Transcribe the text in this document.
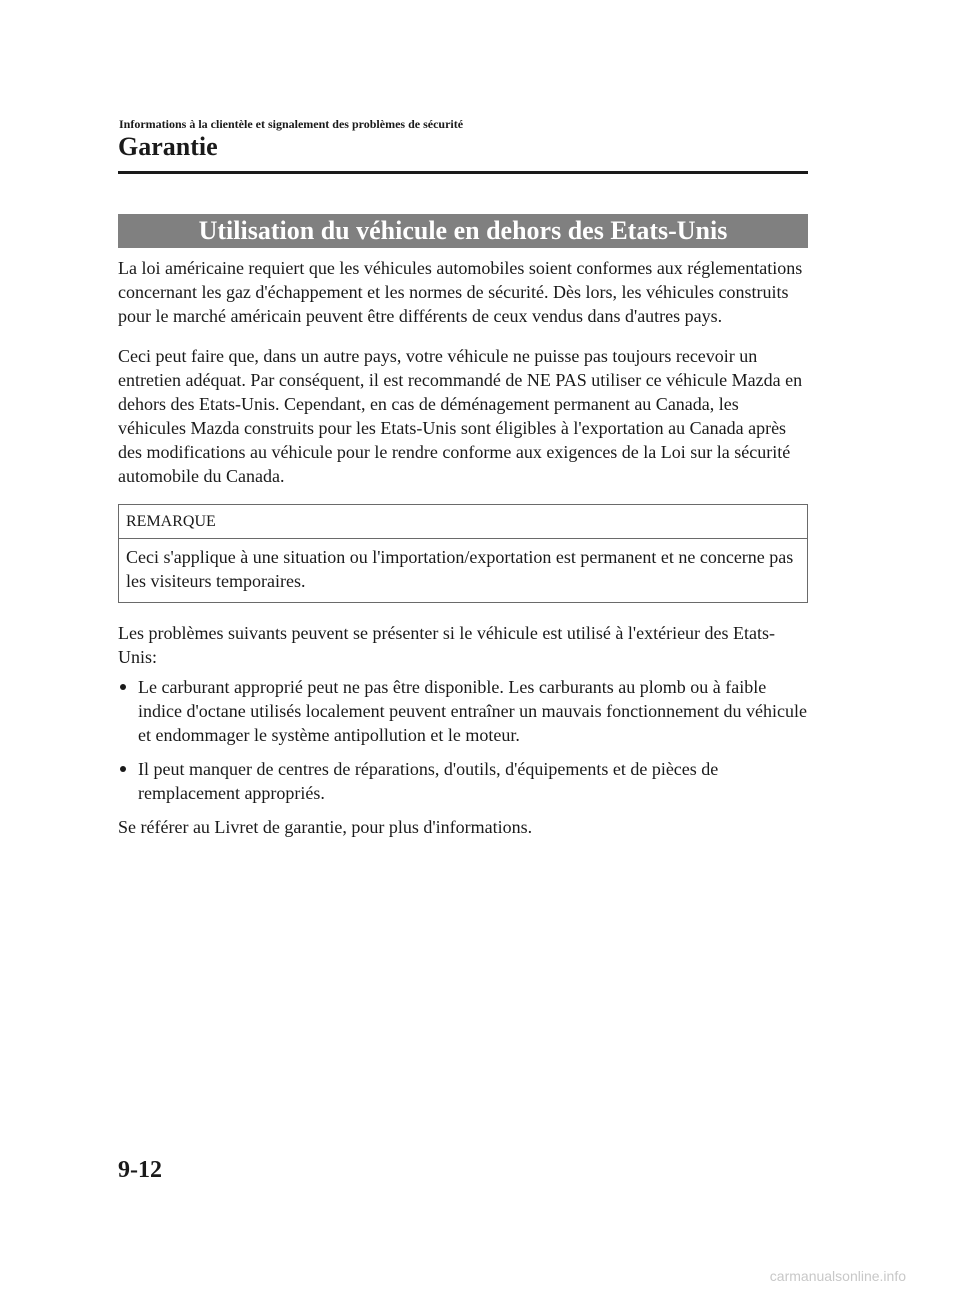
Informations à la clientèle et signalement des problèmes de sécurité
Garantie
Utilisation du véhicule en dehors des Etats-Unis

La loi américaine requiert que les véhicules automobiles soient conformes aux réglementations concernant les gaz d'échappement et les normes de sécurité. Dès lors, les véhicules construits pour le marché américain peuvent être différents de ceux vendus dans d'autres pays.

Ceci peut faire que, dans un autre pays, votre véhicule ne puisse pas toujours recevoir un entretien adéquat. Par conséquent, il est recommandé de NE PAS utiliser ce véhicule Mazda en dehors des Etats-Unis. Cependant, en cas de déménagement permanent au Canada, les véhicules Mazda construits pour les Etats-Unis sont éligibles à l'exportation au Canada après des modifications au véhicule pour le rendre conforme aux exigences de la Loi sur la sécurité automobile du Canada.

REMARQUE
Ceci s'applique à une situation ou l'importation/exportation est permanent et ne concerne pas les visiteurs temporaires.

Les problèmes suivants peuvent se présenter si le véhicule est utilisé à l'extérieur des Etats-Unis:

Le carburant approprié peut ne pas être disponible. Les carburants au plomb ou à faible indice d'octane utilisés localement peuvent entraîner un mauvais fonctionnement du véhicule et endommager le système antipollution et le moteur.
Il peut manquer de centres de réparations, d'outils, d'équipements et de pièces de remplacement appropriés.

Se référer au Livret de garantie, pour plus d'informations.

9-12
carmanualsonline.info
